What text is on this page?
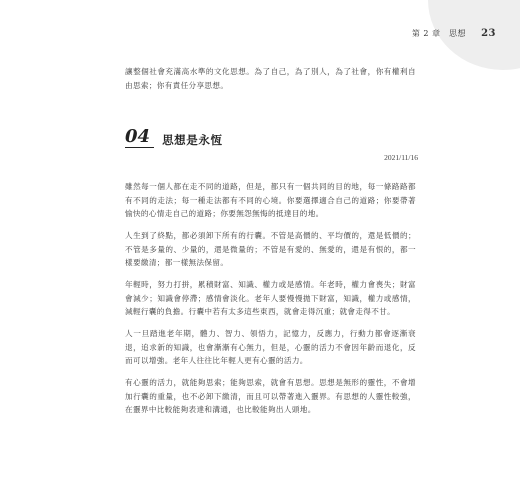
第 2 章　思想 23

讓整個社會充滿高水準的文化思想。為了自己，為了別人，為了社會，你有權利自由思索；你有責任分享思想。

04	思想是永恆
2021/11/16

雖然每一個人都在走不同的道路，但是，都只有一個共同的目的地，每一條路路都有不同的走法；每一種走法都有不同的心境。你要選擇適合自己的道路；你要帶著愉快的心情走自己的道路；你要無怨無悔的抵達目的地。

人生到了終點，都必須卸下所有的行囊。不管是高價的、平均價的，還是低價的；不管是多量的、少量的，還是微量的；不管是有愛的、無愛的，還是有恨的，都一樣要繳清；都一樣無法保留。

年輕時，努力打拼，累積財富、知識、權力或是感情。年老時，權力會喪失；財富會減少；知識會停滯；感情會淡化。老年人要慢慢拋下財富，知識，權力或感情，減輕行囊的負擔。行囊中若有太多這些東西，就會走得沉重；就會走得不甘。

人一旦踏進老年期，體力、智力、領悟力，記憶力，反應力，行動力都會逐漸衰退，追求新的知識，也會漸漸有心無力，但是，心靈的活力不會因年齡而退化，反而可以增強。老年人往往比年輕人更有心靈的活力。

有心靈的活力，就能夠思索；能夠思索，就會有思想。思想是無形的靈性，不會增加行囊的重量，也不必卸下繳清，而且可以帶著進入靈界。有思想的人靈性較強，在靈界中比較能夠表達和溝通，也比較能夠出人頭地。
